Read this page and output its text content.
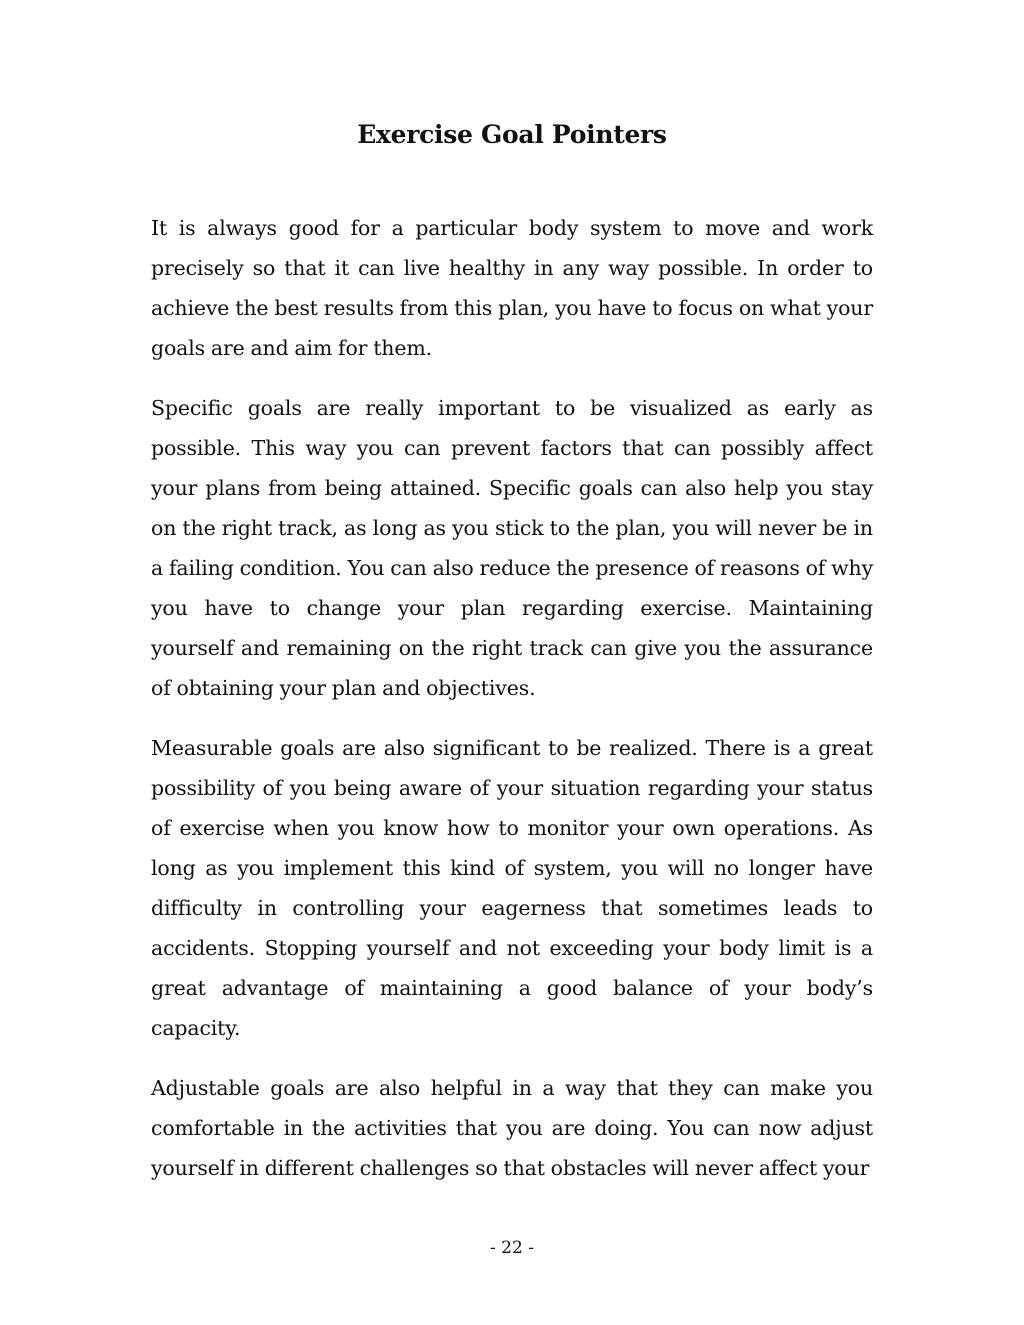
Exercise Goal Pointers

It is always good for a particular body system to move and work precisely so that it can live healthy in any way possible. In order to achieve the best results from this plan, you have to focus on what your goals are and aim for them.

Specific goals are really important to be visualized as early as possible. This way you can prevent factors that can possibly affect your plans from being attained. Specific goals can also help you stay on the right track, as long as you stick to the plan, you will never be in a failing condition. You can also reduce the presence of reasons of why you have to change your plan regarding exercise. Maintaining yourself and remaining on the right track can give you the assurance of obtaining your plan and objectives.

Measurable goals are also significant to be realized. There is a great possibility of you being aware of your situation regarding your status of exercise when you know how to monitor your own operations. As long as you implement this kind of system, you will no longer have difficulty in controlling your eagerness that sometimes leads to accidents. Stopping yourself and not exceeding your body limit is a great advantage of maintaining a good balance of your body’s capacity.

Adjustable goals are also helpful in a way that they can make you comfortable in the activities that you are doing. You can now adjust yourself in different challenges so that obstacles will never affect your

- 22 -
